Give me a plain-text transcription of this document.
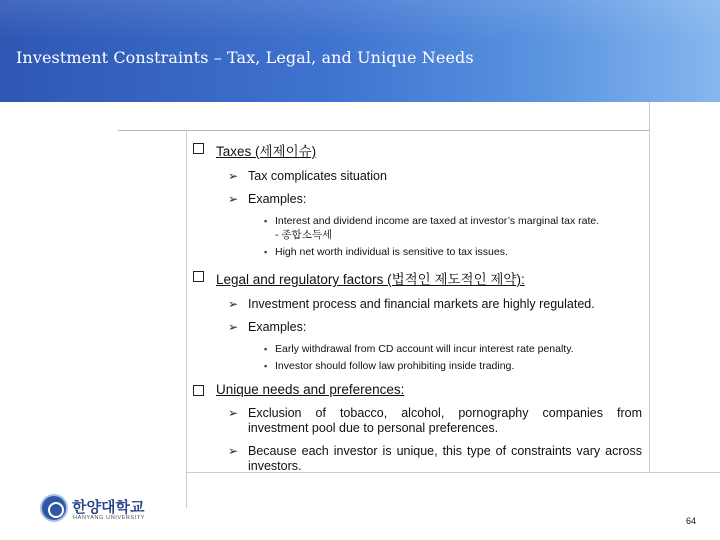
Investment Constraints – Tax, Legal, and Unique Needs
Taxes (세제이슈)
➢ Tax complicates situation
➢ Examples:
▪ Interest and dividend income are taxed at investor’s marginal tax rate.
- 종합소득세
▪ High net worth individual is sensitive to tax issues.
Legal and regulatory factors (법적인 제도적인 제약):
➢ Investment process and financial markets are highly regulated.
➢ Examples:
▪ Early withdrawal from CD account will incur interest rate penalty.
▪ Investor should follow law prohibiting inside trading.
Unique needs and preferences:
➢ Exclusion of tobacco, alcohol, pornography companies from investment pool due to personal preferences.
➢ Because each investor is unique, this type of constraints vary across investors.
한양대학교
HANYANG UNIVERSITY	64
